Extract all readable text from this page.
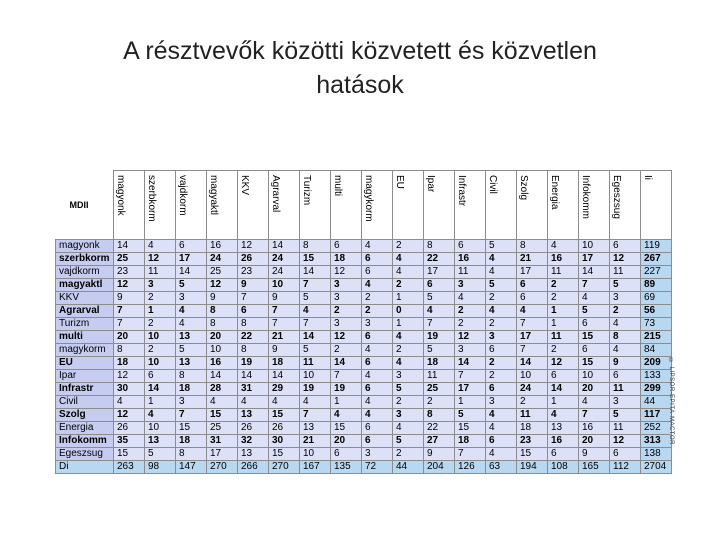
A résztvevők közötti közvetett és közvetlen
hatások
MDII	magyonk	szerbkorm	vajdkorm	magyaktl	KKV	Agrarval	Turizm	multi	magykorm	EU	Ipar	Infrastr	Civil	Szolg	Energia	Infokomm	Egeszsug	Ii

magyonk	14	4	6	16	12	14	8	6	4	2	8	6	5	8	4	10	6	119
szerbkorm	25	12	17	24	26	24	15	18	6	4	22	16	4	21	16	17	12	267
vajdkorm	23	11	14	25	23	24	14	12	6	4	17	11	4	17	11	14	11	227
magyaktl	12	3	5	12	9	10	7	3	4	2	6	3	5	6	2	7	5	89
KKV	9	2	3	9	7	9	5	3	2	1	5	4	2	6	2	4	3	69
Agrarval	7	1	4	8	6	7	4	2	2	0	4	2	4	4	1	5	2	56
Turizm	7	2	4	8	8	7	7	3	3	1	7	2	2	7	1	6	4	73
multi	20	10	13	20	22	21	14	12	6	4	19	12	3	17	11	15	8	215
magykorm	8	2	5	10	8	9	5	2	4	2	5	3	6	7	2	6	4	84
EU	18	10	13	16	19	18	11	14	6	4	18	14	2	14	12	15	9	209
Ipar	12	6	8	14	14	14	10	7	4	3	11	7	2	10	6	10	6	133
Infrastr	30	14	18	28	31	29	19	19	6	5	25	17	6	24	14	20	11	299
Civil	4	1	3	4	4	4	4	1	4	2	2	1	3	2	1	4	3	44
Szolg	12	4	7	15	13	15	7	4	4	3	8	5	4	11	4	7	5	117
Energia	26	10	15	25	26	26	13	15	6	4	22	15	4	18	13	16	11	252
Infokomm	35	13	18	31	32	30	21	20	6	5	27	18	6	23	16	20	12	313
Egeszsug	15	5	8	17	13	15	10	6	3	2	9	7	4	15	6	9	6	138
Di	263	98	147	270	266	270	167	135	72	44	204	126	63	194	108	165	112	2704
© LIPSOR-EPITA-MACTOR
